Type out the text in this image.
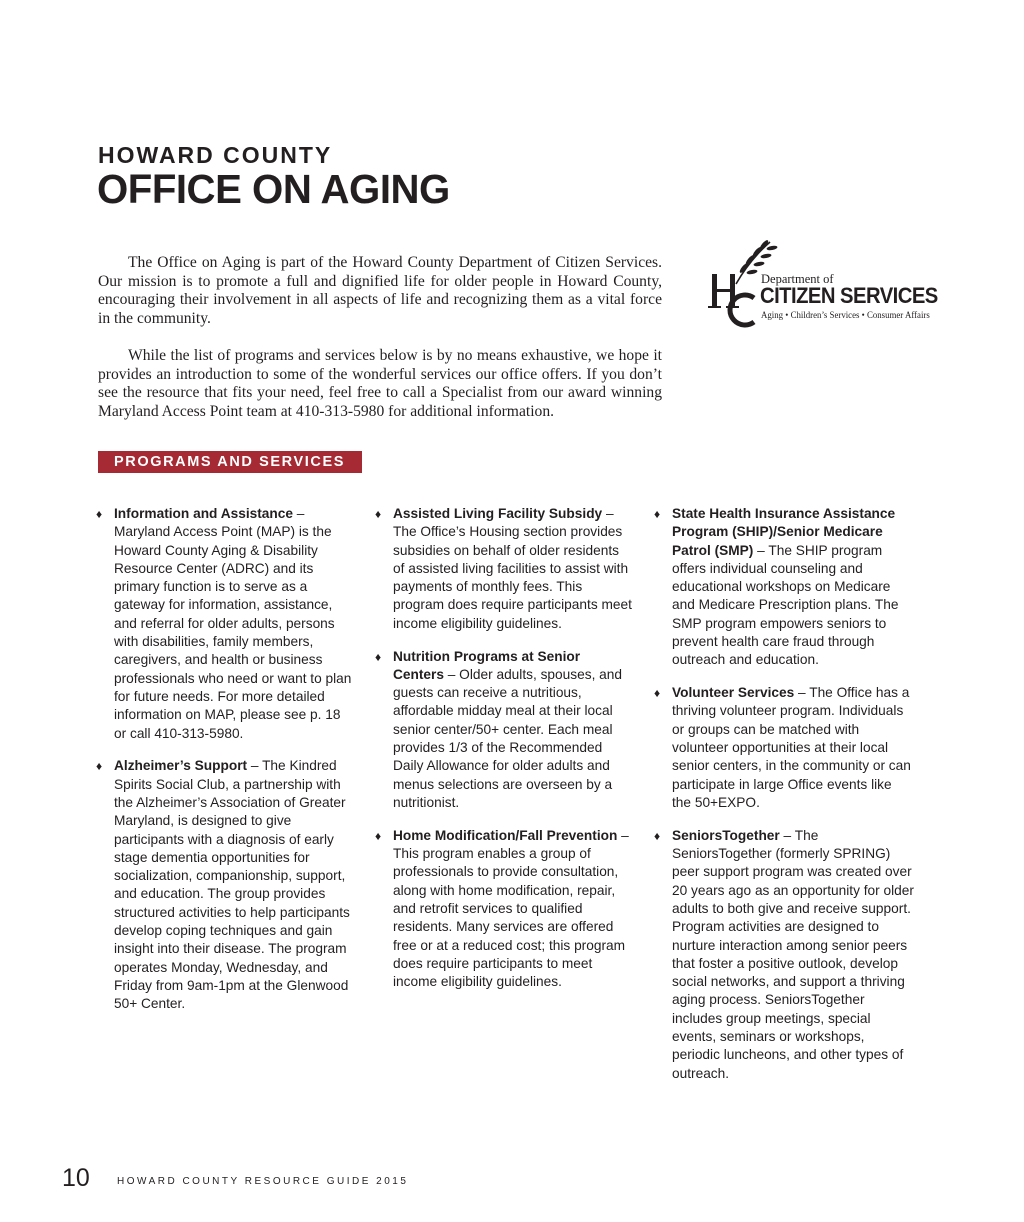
HOWARD COUNTY
OFFICE ON AGING

The Office on Aging is part of the Howard County Department of Citizen Services. Our mission is to promote a full and dignified life for older people in Howard County, encouraging their involvement in all aspects of life and recognizing them as a vital force in the community.

While the list of programs and services below is by no means exhaustive, we hope it provides an introduction to some of the wonderful services our office offers. If you don’t see the resource that fits your need, feel free to call a Specialist from our award winning Maryland Access Point team at 410-313-5980 for additional information.

Department of
CITIZEN SERVICES
Aging • Children’s Services • Consumer Affairs
PROGRAMS AND SERVICES
♦ Information and Assistance – Maryland Access Point (MAP) is the Howard County Aging & Disability Resource Center (ADRC) and its primary function is to serve as a gateway for information, assistance, and referral for older adults, persons with disabilities, family members, caregivers, and health or business professionals who need or want to plan for future needs. For more detailed information on MAP, please see p. 18 or call 410-313-5980.
♦ Alzheimer’s Support – The Kindred Spirits Social Club, a partnership with the Alzheimer’s Association of Greater Maryland, is designed to give participants with a diagnosis of early stage dementia opportunities for socialization, companionship, support, and education. The group provides structured activities to help participants develop coping techniques and gain insight into their disease. The program operates Monday, Wednesday, and Friday from 9am-1pm at the Glenwood 50+ Center.
♦ Assisted Living Facility Subsidy – The Office’s Housing section provides subsidies on behalf of older residents of assisted living facilities to assist with payments of monthly fees. This program does require participants meet income eligibility guidelines.
♦ Nutrition Programs at Senior Centers – Older adults, spouses, and guests can receive a nutritious, affordable midday meal at their local senior center/50+ center. Each meal provides 1/3 of the Recommended Daily Allowance for older adults and menus selections are overseen by a nutritionist.
♦ Home Modification/Fall Prevention – This program enables a group of professionals to provide consultation, along with home modification, repair, and retrofit services to qualified residents. Many services are offered free or at a reduced cost; this program does require participants to meet income eligibility guidelines.
♦ State Health Insurance Assistance Program (SHIP)/Senior Medicare Patrol (SMP) – The SHIP program offers individual counseling and educational workshops on Medicare and Medicare Prescription plans. The SMP program empowers seniors to prevent health care fraud through outreach and education.
♦ Volunteer Services – The Office has a thriving volunteer program. Individuals or groups can be matched with volunteer opportunities at their local senior centers, in the community or can participate in large Office events like the 50+EXPO.
♦ SeniorsTogether – The SeniorsTogether (formerly SPRING) peer support program was created over 20 years ago as an opportunity for older adults to both give and receive support. Program activities are designed to nurture interaction among senior peers that foster a positive outlook, develop social networks, and support a thriving aging process. SeniorsTogether includes group meetings, special events, seminars or workshops, periodic luncheons, and other types of outreach.
10	HOWARD COUNTY RESOURCE GUIDE 2015
